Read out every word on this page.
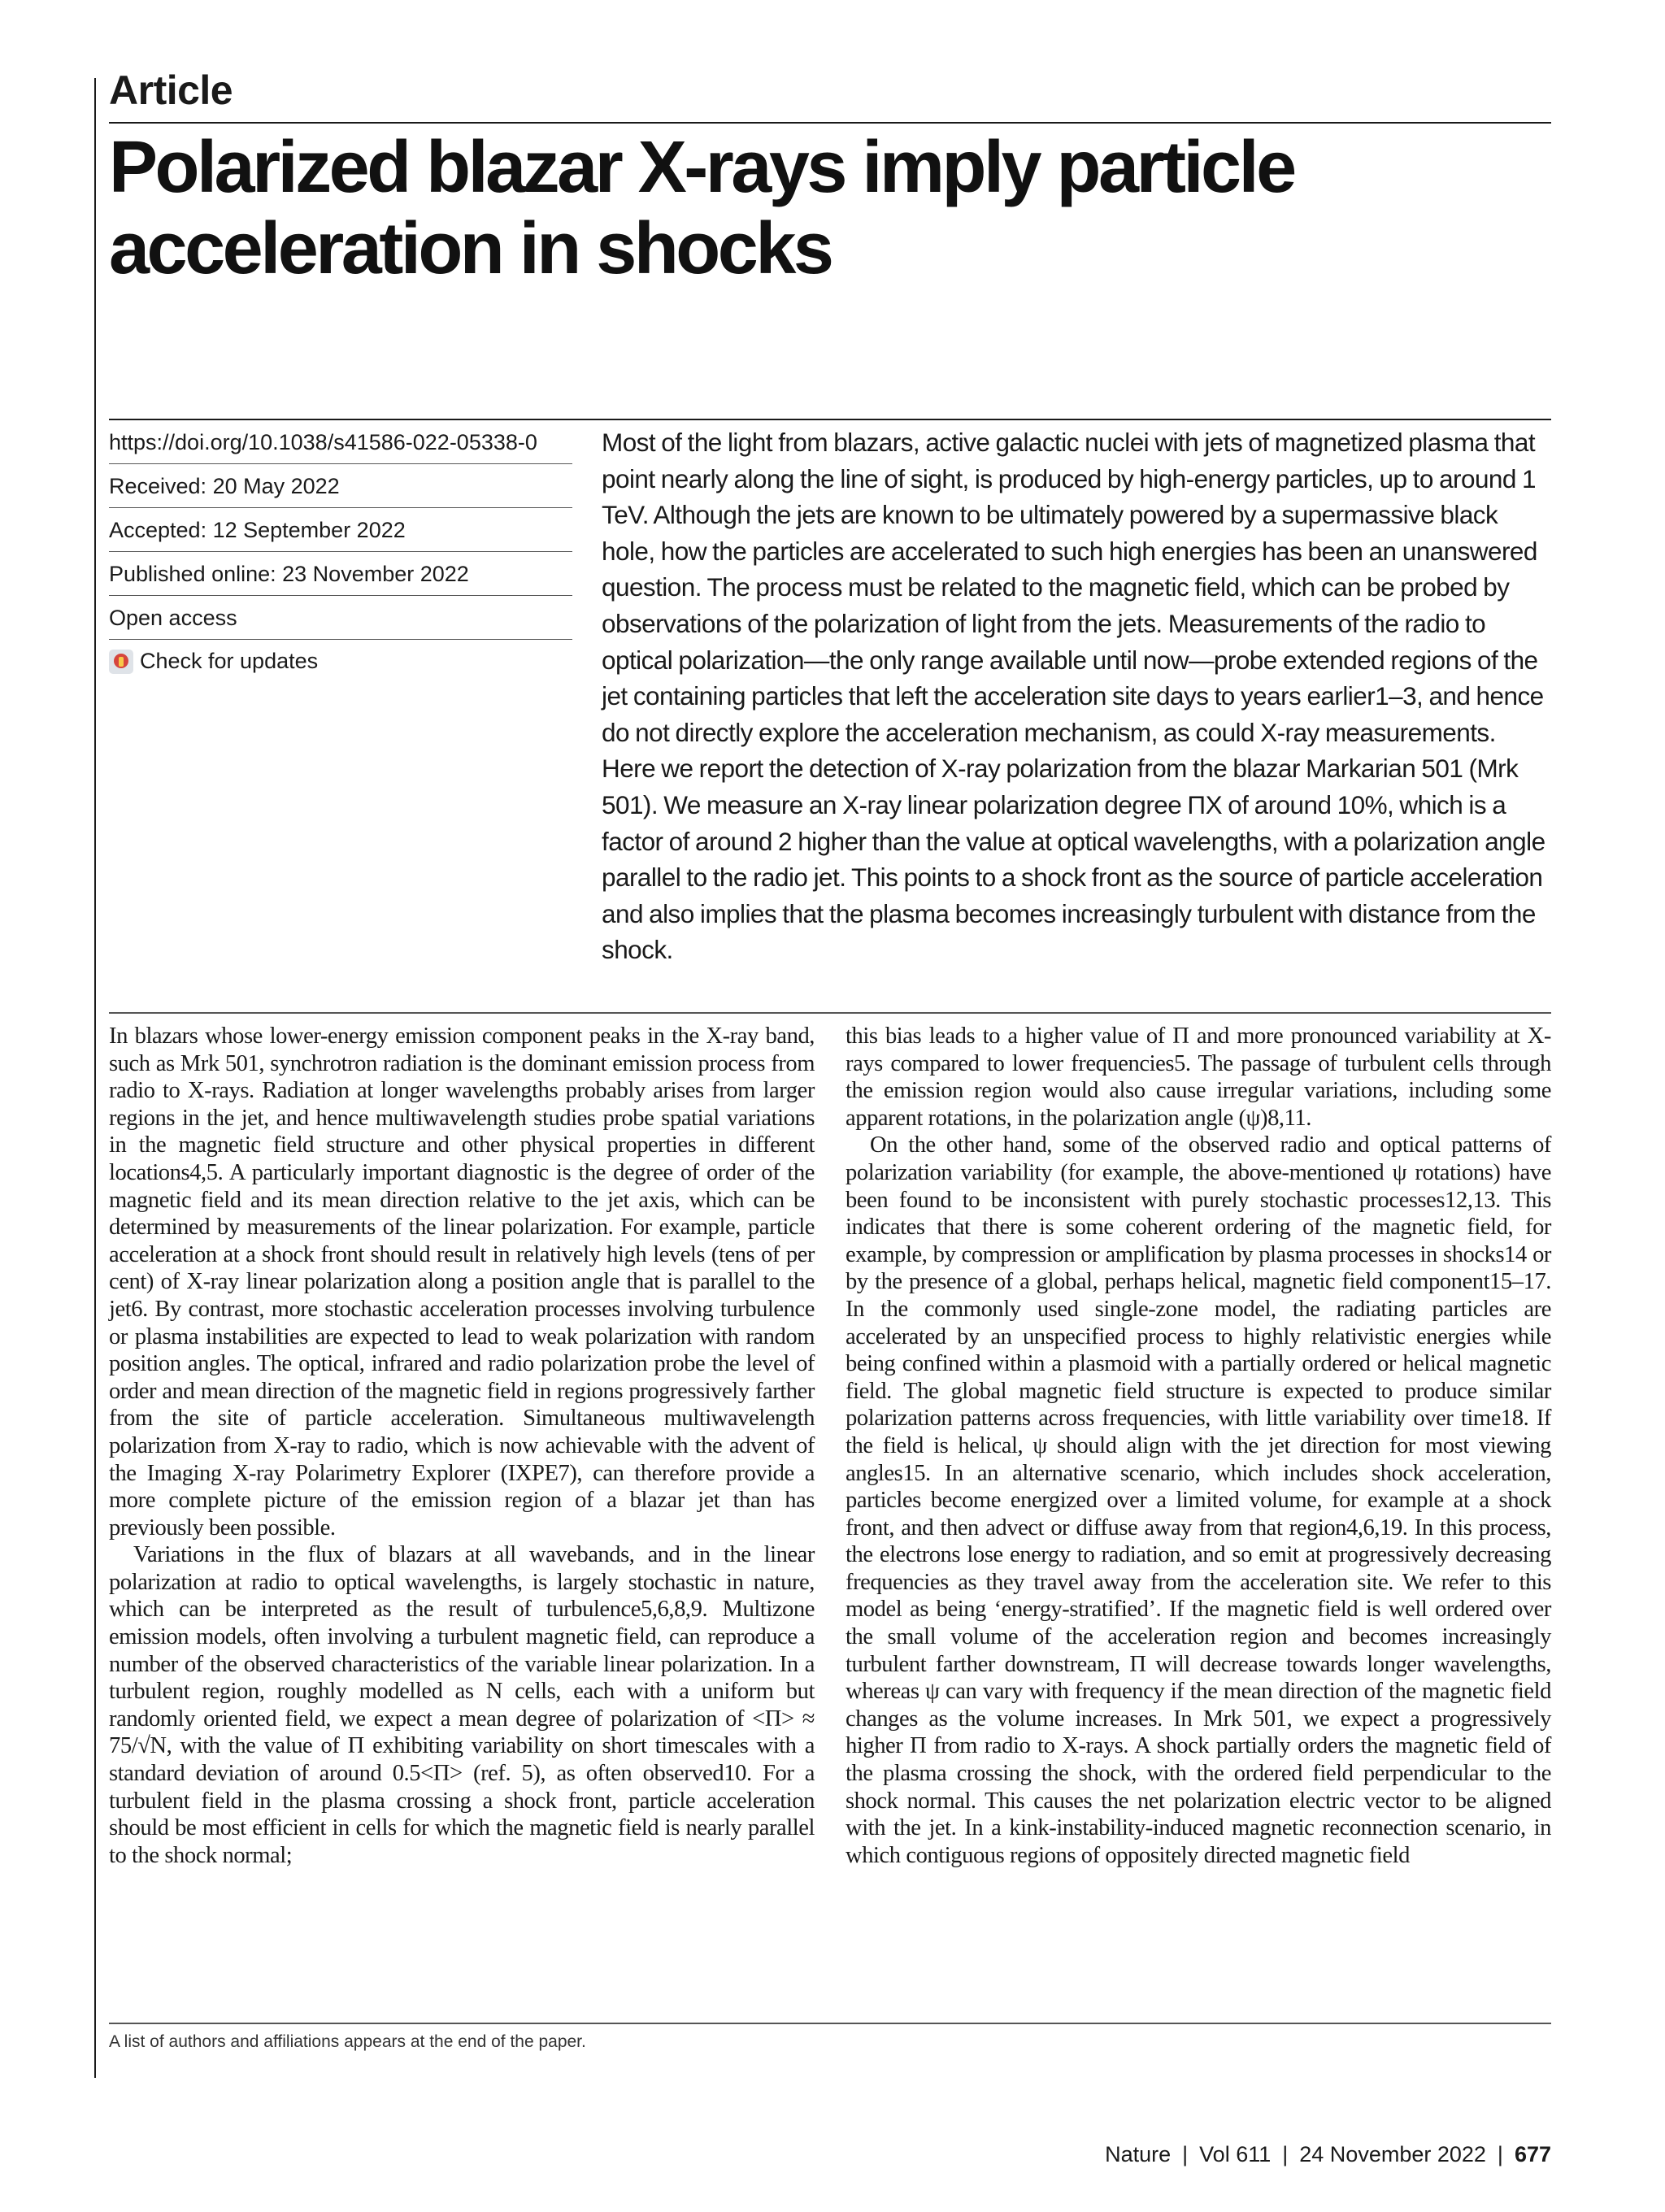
Article
Polarized blazar X-rays imply particle acceleration in shocks
https://doi.org/10.1038/s41586-022-05338-0
Received: 20 May 2022
Accepted: 12 September 2022
Published online: 23 November 2022
Open access
Check for updates

Most of the light from blazars, active galactic nuclei with jets of magnetized plasma that point nearly along the line of sight, is produced by high-energy particles, up to around 1 TeV. Although the jets are known to be ultimately powered by a supermassive black hole, how the particles are accelerated to such high energies has been an unanswered question. The process must be related to the magnetic field, which can be probed by observations of the polarization of light from the jets. Measurements of the radio to optical polarization—the only range available until now—probe extended regions of the jet containing particles that left the acceleration site days to years earlier1–3, and hence do not directly explore the acceleration mechanism, as could X-ray measurements. Here we report the detection of X-ray polarization from the blazar Markarian 501 (Mrk 501). We measure an X-ray linear polarization degree ΠX of around 10%, which is a factor of around 2 higher than the value at optical wavelengths, with a polarization angle parallel to the radio jet. This points to a shock front as the source of particle acceleration and also implies that the plasma becomes increasingly turbulent with distance from the shock.

In blazars whose lower-energy emission component peaks in the X-ray band, such as Mrk 501, synchrotron radiation is the dominant emission process from radio to X-rays. Radiation at longer wavelengths probably arises from larger regions in the jet, and hence multiwavelength studies probe spatial variations in the magnetic field structure and other physical properties in different locations4,5. A particularly important diagnostic is the degree of order of the magnetic field and its mean direction relative to the jet axis, which can be determined by measurements of the linear polarization. For example, particle acceleration at a shock front should result in relatively high levels (tens of per cent) of X-ray linear polarization along a position angle that is parallel to the jet6. By contrast, more stochastic acceleration processes involving turbulence or plasma instabilities are expected to lead to weak polarization with random position angles. The optical, infrared and radio polarization probe the level of order and mean direction of the magnetic field in regions progressively farther from the site of particle acceleration. Simultaneous multiwavelength polarization from X-ray to radio, which is now achievable with the advent of the Imaging X-ray Polarimetry Explorer (IXPE7), can therefore provide a more complete picture of the emission region of a blazar jet than has previously been possible.

Variations in the flux of blazars at all wavebands, and in the linear polarization at radio to optical wavelengths, is largely stochastic in nature, which can be interpreted as the result of turbulence5,6,8,9. Multizone emission models, often involving a turbulent magnetic field, can reproduce a number of the observed characteristics of the variable linear polarization. In a turbulent region, roughly modelled as N cells, each with a uniform but randomly oriented field, we expect a mean degree of polarization of <Π> ≈ 75/√N, with the value of Π exhibiting variability on short timescales with a standard deviation of around 0.5<Π> (ref. 5), as often observed10. For a turbulent field in the plasma crossing a shock front, particle acceleration should be most efficient in cells for which the magnetic field is nearly parallel to the shock normal;

this bias leads to a higher value of Π and more pronounced variability at X-rays compared to lower frequencies5. The passage of turbulent cells through the emission region would also cause irregular variations, including some apparent rotations, in the polarization angle (ψ)8,11.

On the other hand, some of the observed radio and optical patterns of polarization variability (for example, the above-mentioned ψ rotations) have been found to be inconsistent with purely stochastic processes12,13. This indicates that there is some coherent ordering of the magnetic field, for example, by compression or amplification by plasma processes in shocks14 or by the presence of a global, perhaps helical, magnetic field component15–17. In the commonly used single-zone model, the radiating particles are accelerated by an unspecified process to highly relativistic energies while being confined within a plasmoid with a partially ordered or helical magnetic field. The global magnetic field structure is expected to produce similar polarization patterns across frequencies, with little variability over time18. If the field is helical, ψ should align with the jet direction for most viewing angles15. In an alternative scenario, which includes shock acceleration, particles become energized over a limited volume, for example at a shock front, and then advect or diffuse away from that region4,6,19. In this process, the electrons lose energy to radiation, and so emit at progressively decreasing frequencies as they travel away from the acceleration site. We refer to this model as being ‘energy-stratified’. If the magnetic field is well ordered over the small volume of the acceleration region and becomes increasingly turbulent farther downstream, Π will decrease towards longer wavelengths, whereas ψ can vary with frequency if the mean direction of the magnetic field changes as the volume increases. In Mrk 501, we expect a progressively higher Π from radio to X-rays. A shock partially orders the magnetic field of the plasma crossing the shock, with the ordered field perpendicular to the shock normal. This causes the net polarization electric vector to be aligned with the jet. In a kink-instability-induced magnetic reconnection scenario, in which contiguous regions of oppositely directed magnetic field

A list of authors and affiliations appears at the end of the paper.
Nature | Vol 611 | 24 November 2022 | 677
